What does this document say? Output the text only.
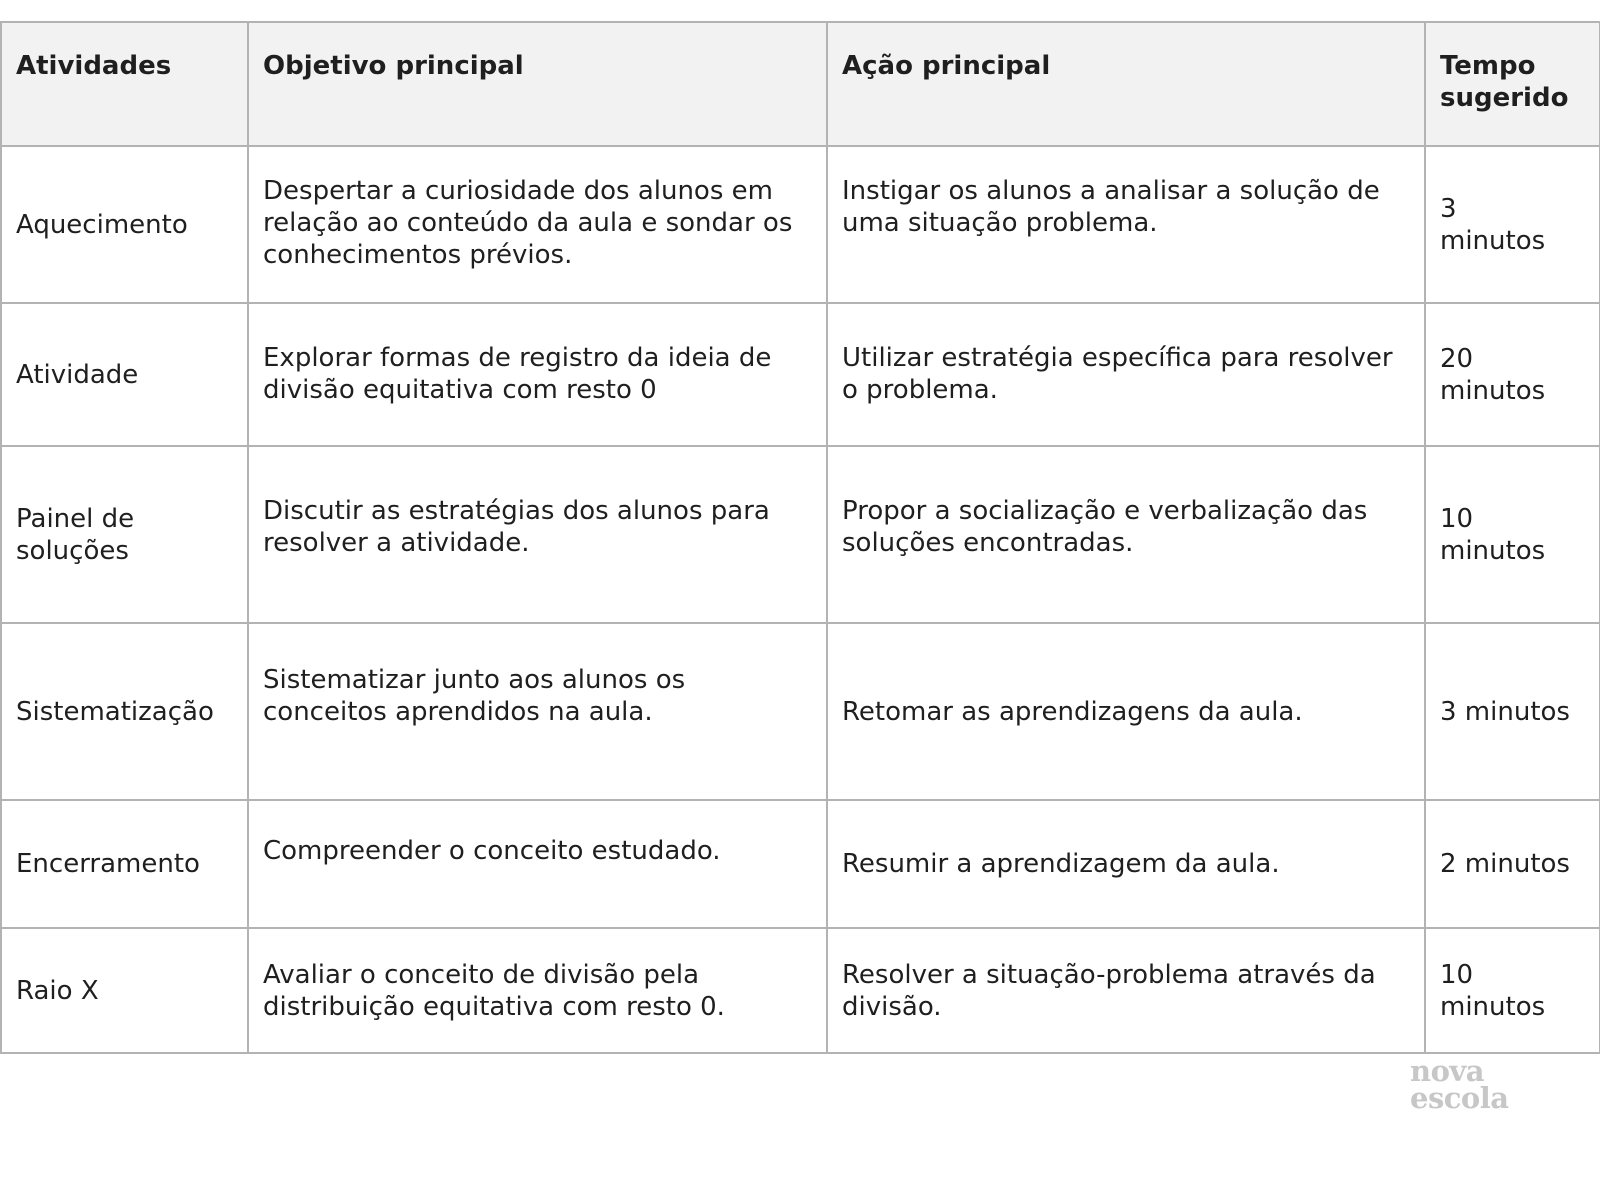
Atividades	Objetivo principal	Ação principal	Tempo
sugerido
Aquecimento	Despertar a curiosidade dos alunos em relação ao conteúdo da aula e sondar os conhecimentos prévios.	Instigar os alunos a analisar a solução de uma situação problema.	3
minutos
Atividade	Explorar formas de registro da ideia de divisão equitativa com resto 0	Utilizar estratégia específica para resolver o problema.	20
minutos
Painel de soluções	Discutir as estratégias dos alunos para resolver a atividade.	Propor a socialização e verbalização das soluções encontradas.	10 minutos
Sistematização	Sistematizar junto aos alunos os conceitos aprendidos na aula.	Retomar as aprendizagens da aula.	3 minutos
Encerramento	Compreender o conceito estudado.	Resumir a aprendizagem da aula.	2 minutos
Raio X	Avaliar o conceito de divisão pela distribuição equitativa com resto 0.	Resolver a situação-problema através da divisão.	10
minutos
nova
escola
